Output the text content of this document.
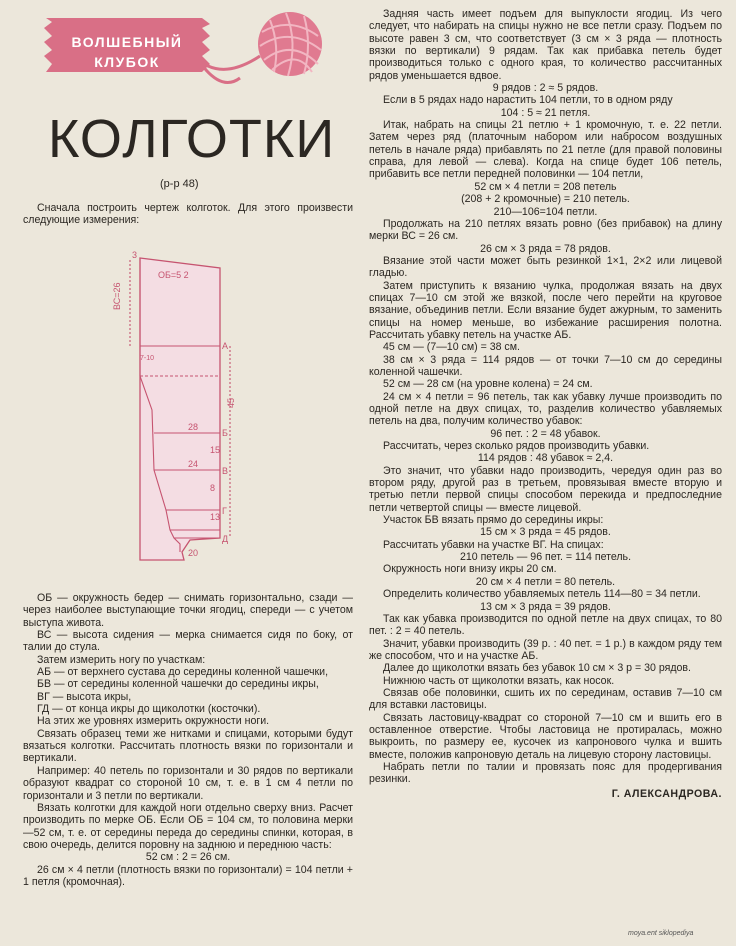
ВОЛШЕБНЫЙ
КЛУБОК
КОЛГОТКИ
(р-р 48)
Сначала построить чертеж колготок. Для этого произвести следующие измерения:
3
ОБ=5 2
ВС=26
А
Б
В
Г
Д
45
28
15
8
24
13
20
7-10

ОБ — окружность бедер — снимать горизонтально, сзади — через наиболее выступающие точки ягодиц, спереди — с учетом выступа живота.

ВС — высота сидения — мерка снимается сидя по боку, от талии до стула.

Затем измерить ногу по участкам:

АБ — от верхнего сустава до середины коленной чашечки,

БВ — от середины коленной чашечки до середины икры,

ВГ — высота икры,

ГД — от конца икры до щиколотки (косточки).

На этих же уровнях измерить окружности ноги.

Связать образец теми же нитками и спицами, которыми будут вязаться колготки. Рассчитать плотность вязки по горизонтали и вертикали.

Например: 40 петель по горизонтали и 30 рядов по вертикали образуют квадрат со стороной 10 см, т. е. в 1 см 4 петли по горизонтали и 3 петли по вертикали.

Вязать колготки для каждой ноги отдельно сверху вниз. Расчет производить по мерке ОБ. Если ОБ = 104 см, то половина мерки —52 см, т. е. от середины переда до середины спинки, которая, в свою очередь, делится поровну на заднюю и переднюю часть:

52 см : 2 = 26 см.

26 см × 4 петли (плотность вязки по горизонтали) = 104 петли + 1 петля (кромочная).

Задняя часть имеет подъем для выпуклости ягодиц. Из чего следует, что набирать на спицы нужно не все петли сразу. Подъем по высоте равен 3 см, что соответствует (3 см × 3 ряда — плотность вязки по вертикали) 9 рядам. Так как прибавка петель будет производиться только с одного края, то количество рассчитанных рядов уменьшается вдвое.

9 рядов : 2 ≈ 5 рядов.

Если в 5 рядах надо нарастить 104 петли, то в одном ряду

104 : 5 ≈ 21 петля.

Итак, набрать на спицы 21 петлю + 1 кромочную, т. е. 22 петли. Затем через ряд (платочным набором или набросом воздушных петель в начале ряда) прибавлять по 21 петле (для правой половины справа, для левой — слева). Когда на спице будет 106 петель, прибавить все петли передней половинки — 104 петли,

52 см × 4 петли = 208 петель

(208 + 2 кромочные) = 210 петель.

210—106=104 петли.

Продолжать на 210 петлях вязать ровно (без прибавок) на длину мерки ВС = 26 см.

26 см × 3 ряда = 78 рядов.

Вязание этой части может быть резинкой 1×1, 2×2 или лицевой гладью.

Затем приступить к вязанию чулка, продолжая вязать на двух спицах 7—10 см этой же вязкой, после чего перейти на круговое вязание, объединив петли. Если вязание будет ажурным, то заменить спицы на номер меньше, во избежание расширения полотна. Рассчитать убавку петель на участке АБ.

45 см — (7—10 см) = 38 см.

38 см × 3 ряда = 114 рядов — от точки 7—10 см до середины коленной чашечки.

52 см — 28 см (на уровне колена) = 24 см.

24 см × 4 петли = 96 петель, так как убавку лучше производить по одной петле на двух спицах, то, разделив количество убавляемых петель на два, получим количество убавок:

96 пет. : 2 = 48 убавок.

Рассчитать, через сколько рядов производить убавки.

114 рядов : 48 убавок ≈ 2,4.

Это значит, что убавки надо производить, чередуя один раз во втором ряду, другой раз в третьем, провязывая вместе вторую и третью петли первой спицы способом перекида и предпоследние петли четвертой спицы — вместе лицевой.

Участок БВ вязать прямо до середины икры:

15 см × 3 ряда = 45 рядов.

Рассчитать убавки на участке ВГ. На спицах:

210 петель — 96 пет. = 114 петель.

Окружность ноги внизу икры 20 см.

20 см × 4 петли = 80 петель.

Определить количество убавляемых петель 114—80 = 34 петли.

13 см × 3 ряда = 39 рядов.

Так как убавка производится по одной петле на двух спицах, то 80 пет. : 2 = 40 петель.

Значит, убавки производить (39 р. : 40 пет. = 1 р.) в каждом ряду тем же способом, что и на участке АБ.

Далее до щиколотки вязать без убавок 10 см × 3 р = 30 рядов.

Нижнюю часть от щиколотки вязать, как носок.

Связав обе половинки, сшить их по серединам, оставив 7—10 см для вставки ластовицы.

Связать ластовицу-квадрат со стороной 7—10 см и вшить его в оставленное отверстие. Чтобы ластовица не протиралась, можно выкроить, по размеру ее, кусочек из капронового чулка и вшить вместе, положив капроновую деталь на лицевую сторону ластовицы.

Набрать петли по талии и провязать пояс для продергивания резинки.

Г. АЛЕКСАНДРОВА.

moya.ent siklopediya
